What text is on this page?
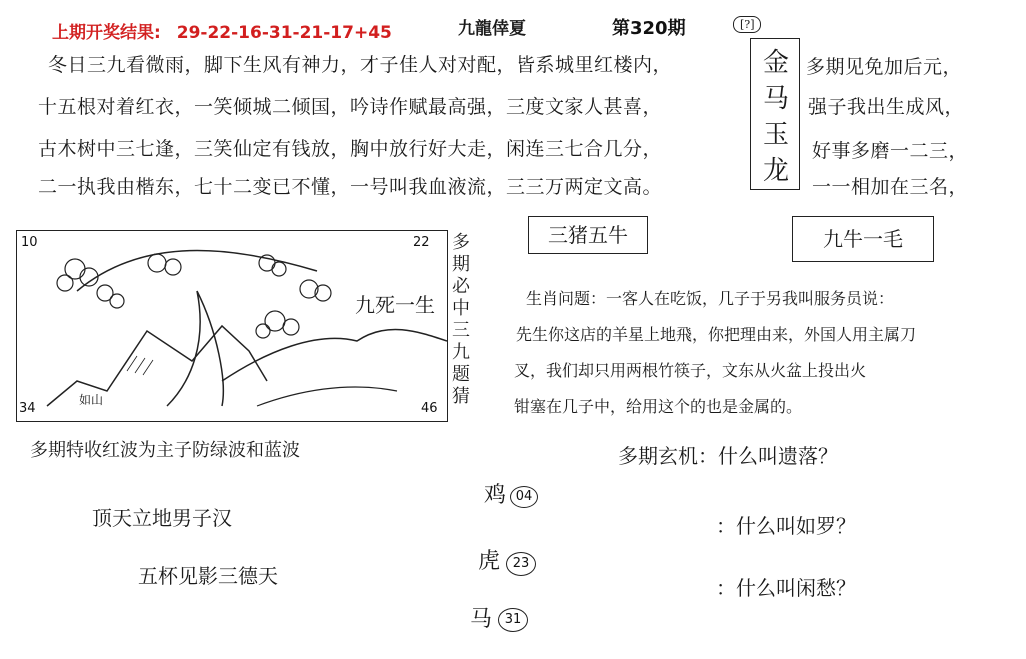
上期开奖结果: 29-22-16-31-21-17+45	九龍倖夏	第320期
冬日三九看微雨，脚下生风有神力，才子佳人对对配，皆系城里红楼内，
十五根对着红衣，一笑倾城二倾国，吟诗作赋最高强，三度文家人甚喜，
古木树中三七逢，三笑仙定有钱放，胸中放行好大走，闲连三七合几分，
二一执我由楷东，七十二变已不懂，一号叫我血液流，三三万两定文高。
[?]
金
马
玉
龙
多期见免加后元，
强子我出生成风，
好事多磨一二三，
一一相加在三名，
10	22
34	46
九死一生
如山
多
期
必
中
三
九
题
猜
三猪五牛	九牛一毛
生肖问题：一客人在吃饭，几子于另我叫服务员说：
先生你这店的羊星上地飛，你把理由来，外国人用主属刀
叉，我们却只用两根竹筷子，文东从火盆上投出火
钳塞在几子中，给用这个的也是金属的。
多期特收红波为主子防绿波和蓝波
顶天立地男子汉
五杯见影三德天
鸡 04
虎 23
马 31
多期玄机：什么叫遗落？
：什么叫如罗？
：什么叫闲愁？
